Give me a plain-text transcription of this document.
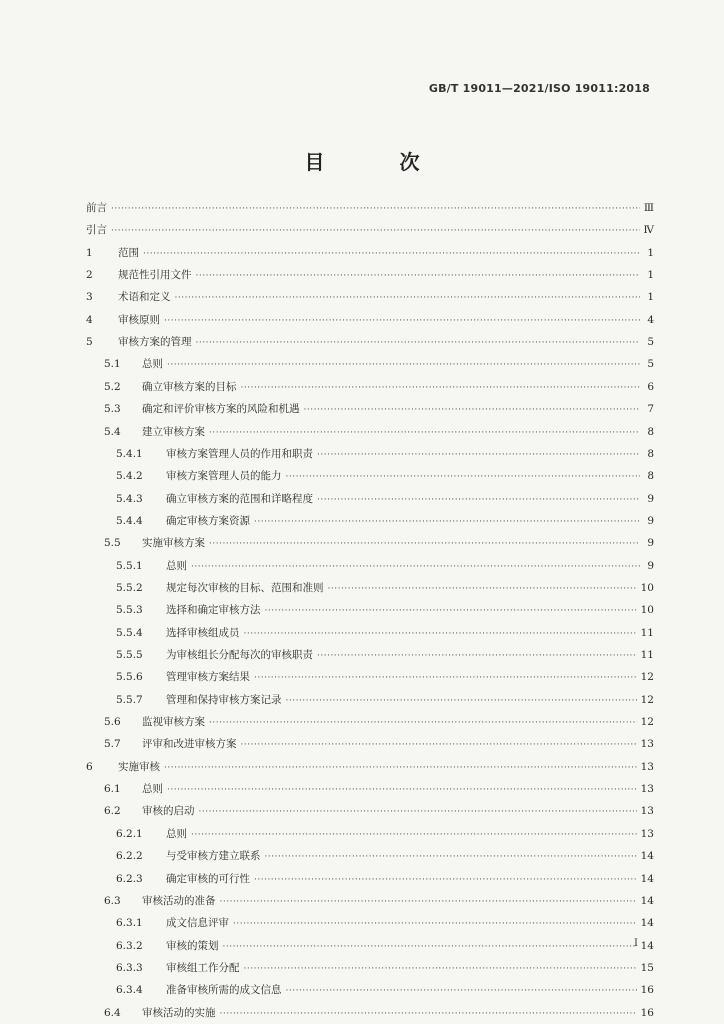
GB/T 19011—2021/ISO 19011:2018
目 次
前言 ·····	Ⅲ
引言 ·····	Ⅳ
1	范围 ·····	1
2	规范性引用文件 ·····	1
3	术语和定义 ·····	1
4	审核原则 ·····	4
5	审核方案的管理 ·····	5
5.1	总则 ·····	5
5.2	确立审核方案的目标 ·····	6
5.3	确定和评价审核方案的风险和机遇 ·····	7
5.4	建立审核方案 ·····	8
5.4.1	审核方案管理人员的作用和职责 ·····	8
5.4.2	审核方案管理人员的能力 ·····	8
5.4.3	确立审核方案的范围和详略程度 ·····	9
5.4.4	确定审核方案资源 ·····	9
5.5	实施审核方案 ·····	9
5.5.1	总则 ·····	9
5.5.2	规定每次审核的目标、范围和准则 ·····	10
5.5.3	选择和确定审核方法 ·····	10
5.5.4	选择审核组成员 ·····	11
5.5.5	为审核组长分配每次的审核职责 ·····	11
5.5.6	管理审核方案结果 ·····	12
5.5.7	管理和保持审核方案记录 ·····	12
5.6	监视审核方案 ·····	12
5.7	评审和改进审核方案 ·····	13
6	实施审核 ·····	13
6.1	总则 ·····	13
6.2	审核的启动 ·····	13
6.2.1	总则 ·····	13
6.2.2	与受审核方建立联系 ·····	14
6.2.3	确定审核的可行性 ·····	14
6.3	审核活动的准备 ·····	14
6.3.1	成文信息评审 ·····	14
6.3.2	审核的策划 ·····	14
6.3.3	审核组工作分配 ·····	15
6.3.4	准备审核所需的成文信息 ·····	16
6.4	审核活动的实施 ·····	16
I
